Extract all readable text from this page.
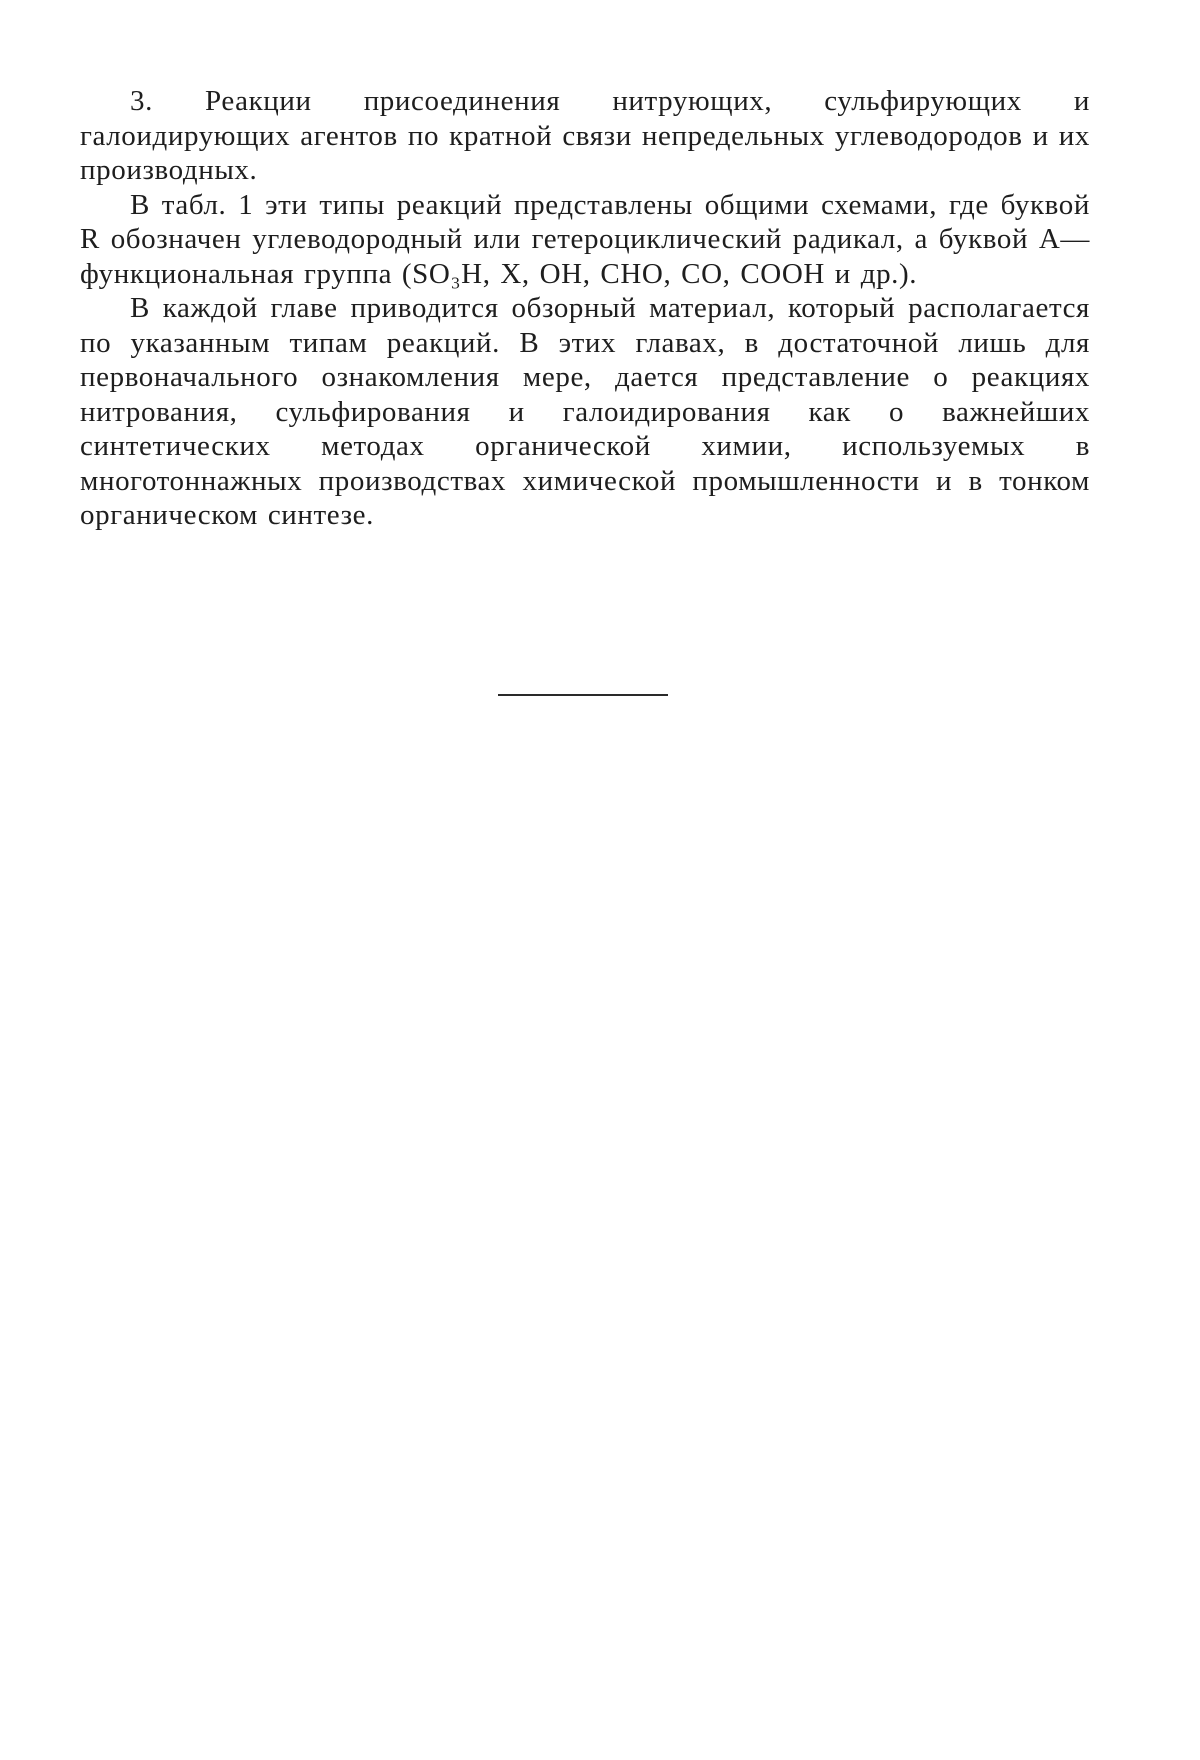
3. Реакции присоединения нитрующих, сульфирующих и галоидирующих агентов по кратной связи непредельных углеводородов и их производных.

В табл. 1 эти типы реакций представлены общими схемами, где буквой R обозначен углеводородный или гетероциклический радикал, а буквой A—функциональная группа (SO₃H, X, OH, CHO, CO, COOH и др.).

В каждой главе приводится обзорный материал, который располагается по указанным типам реакций. В этих главах, в достаточной лишь для первоначального ознакомления мере, дается представление о реакциях нитрования, сульфирования и галоидирования как о важнейших синтетических методах органической химии, используемых в многотоннажных производствах химической промышленности и в тонком органическом синтезе.
